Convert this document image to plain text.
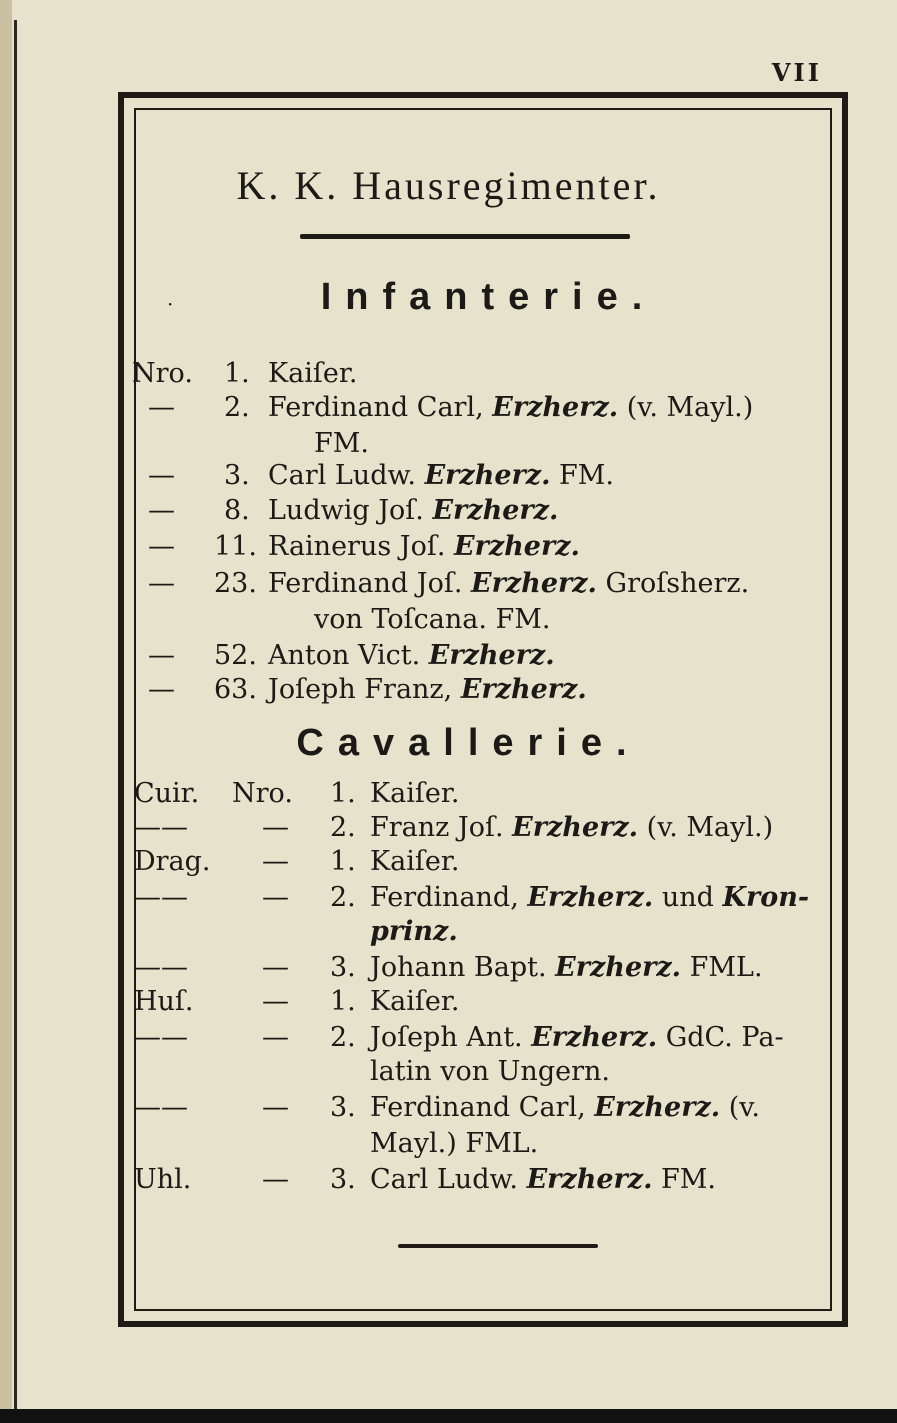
VII
K. K. Hausregimenter.
·	Infanterie.
Nro. 1. Kaiſer.
— 2. Ferdinand Carl, Erzherz. (v. Mayl.)
FM.
— 3. Carl Ludw. Erzherz. FM.
— 8. Ludwig Joſ. Erzherz.
— 11. Rainerus Joſ. Erzherz.
— 23. Ferdinand Joſ. Erzherz. Groſsherz.
von Toſcana. FM.
— 52. Anton Vict. Erzherz.
— 63. Joſeph Franz, Erzherz.
Cavallerie.
Cuir. Nro. 1. Kaiſer.
——	— 2. Franz Joſ. Erzherz. (v. Mayl.)
Drag. — 1. Kaiſer.
——	— 2. Ferdinand, Erzherz. und Kron-
prinz.
——	— 3. Johann Bapt. Erzherz. FML.
Huſ.	— 1. Kaiſer.
——	— 2. Joſeph Ant. Erzherz. GdC. Pa-
latin von Ungern.
——	— 3. Ferdinand Carl, Erzherz. (v.
Mayl.) FML.
Uhl.	— 3. Carl Ludw. Erzherz. FM.
